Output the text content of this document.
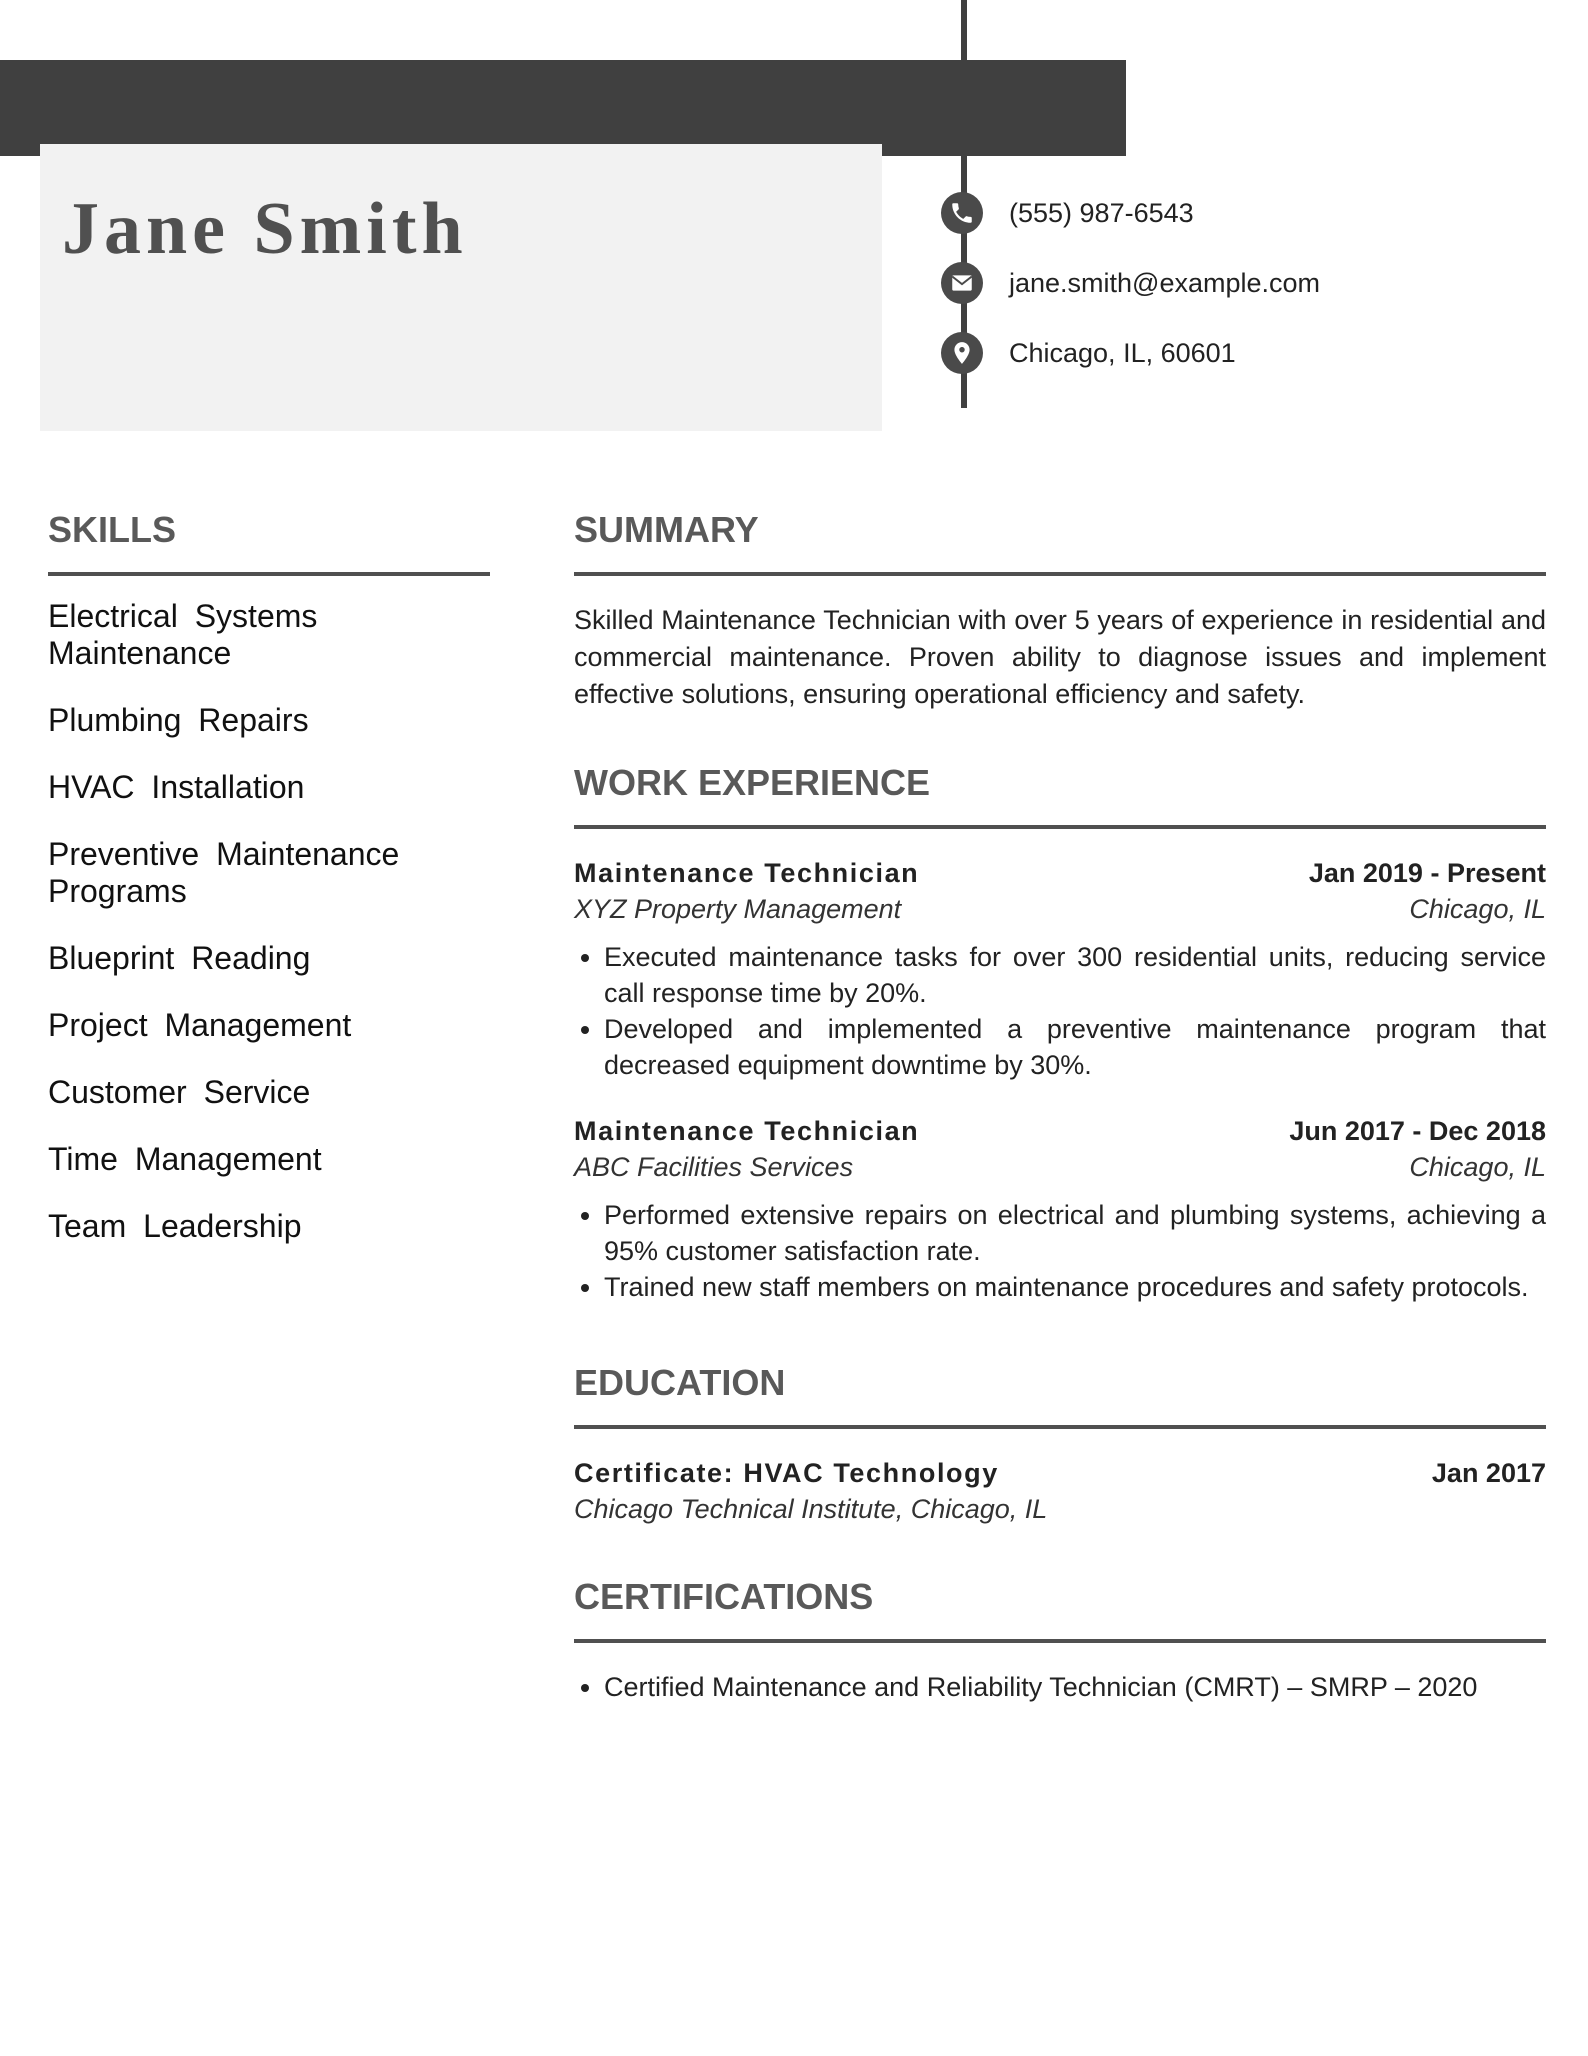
Jane Smith	(555) 987-6543
jane.smith@example.com
Chicago, IL, 60601
SKILLS
Electrical Systems Maintenance
Plumbing Repairs
HVAC Installation
Preventive Maintenance Programs
Blueprint Reading
Project Management
Customer Service
Time Management
Team Leadership
SUMMARY

Skilled Maintenance Technician with over 5 years of experience in residential and commercial maintenance. Proven ability to diagnose issues and implement effective solutions, ensuring operational efficiency and safety.

WORK EXPERIENCE
Maintenance Technician	Jan 2019 - Present
XYZ Property Management	Chicago, IL
• Executed maintenance tasks for over 300 residential units, reducing service call response time by 20%.
• Developed and implemented a preventive maintenance program that decreased equipment downtime by 30%.
Maintenance Technician	Jun 2017 - Dec 2018
ABC Facilities Services	Chicago, IL
• Performed extensive repairs on electrical and plumbing systems, achieving a 95% customer satisfaction rate.
• Trained new staff members on maintenance procedures and safety protocols.
EDUCATION
Certificate: HVAC Technology	Jan 2017
Chicago Technical Institute, Chicago, IL
CERTIFICATIONS
• Certified Maintenance and Reliability Technician (CMRT) – SMRP – 2020
